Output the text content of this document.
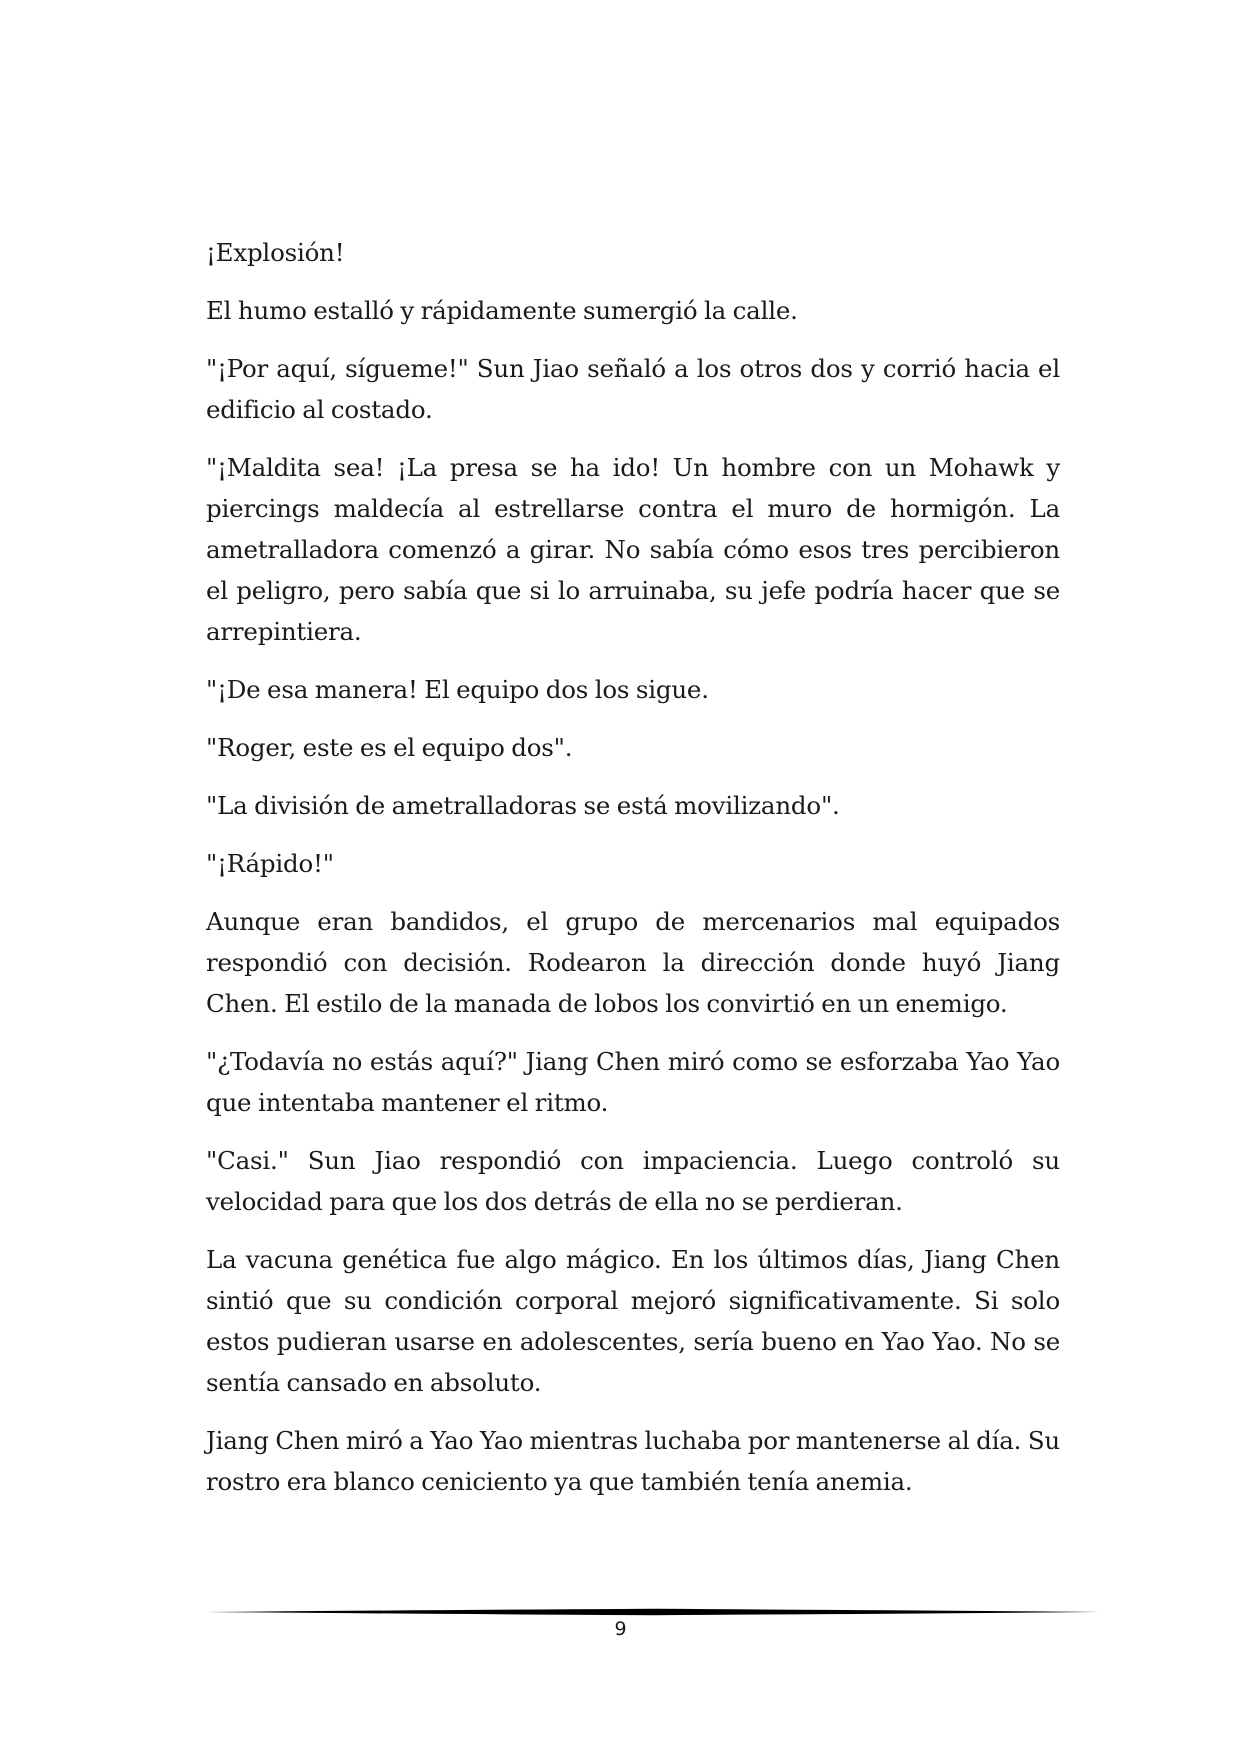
¡Explosión!

El humo estalló y rápidamente sumergió la calle.

"¡Por aquí, sígueme!" Sun Jiao señaló a los otros dos y corrió hacia el edificio al costado.

"¡Maldita sea! ¡La presa se ha ido! Un hombre con un Mohawk y piercings maldecía al estrellarse contra el muro de hormigón. La ametralladora comenzó a girar. No sabía cómo esos tres percibieron el peligro, pero sabía que si lo arruinaba, su jefe podría hacer que se arrepintiera.

"¡De esa manera! El equipo dos los sigue.

"Roger, este es el equipo dos".

"La división de ametralladoras se está movilizando".

"¡Rápido!"

Aunque eran bandidos, el grupo de mercenarios mal equipados respondió con decisión. Rodearon la dirección donde huyó Jiang Chen. El estilo de la manada de lobos los convirtió en un enemigo.

"¿Todavía no estás aquí?" Jiang Chen miró como se esforzaba Yao Yao que intentaba mantener el ritmo.

"Casi." Sun Jiao respondió con impaciencia. Luego controló su velocidad para que los dos detrás de ella no se perdieran.

La vacuna genética fue algo mágico. En los últimos días, Jiang Chen sintió que su condición corporal mejoró significativamente. Si solo estos pudieran usarse en adolescentes, sería bueno en Yao Yao. No se sentía cansado en absoluto.

Jiang Chen miró a Yao Yao mientras luchaba por mantenerse al día. Su rostro era blanco ceniciento ya que también tenía anemia.

9
